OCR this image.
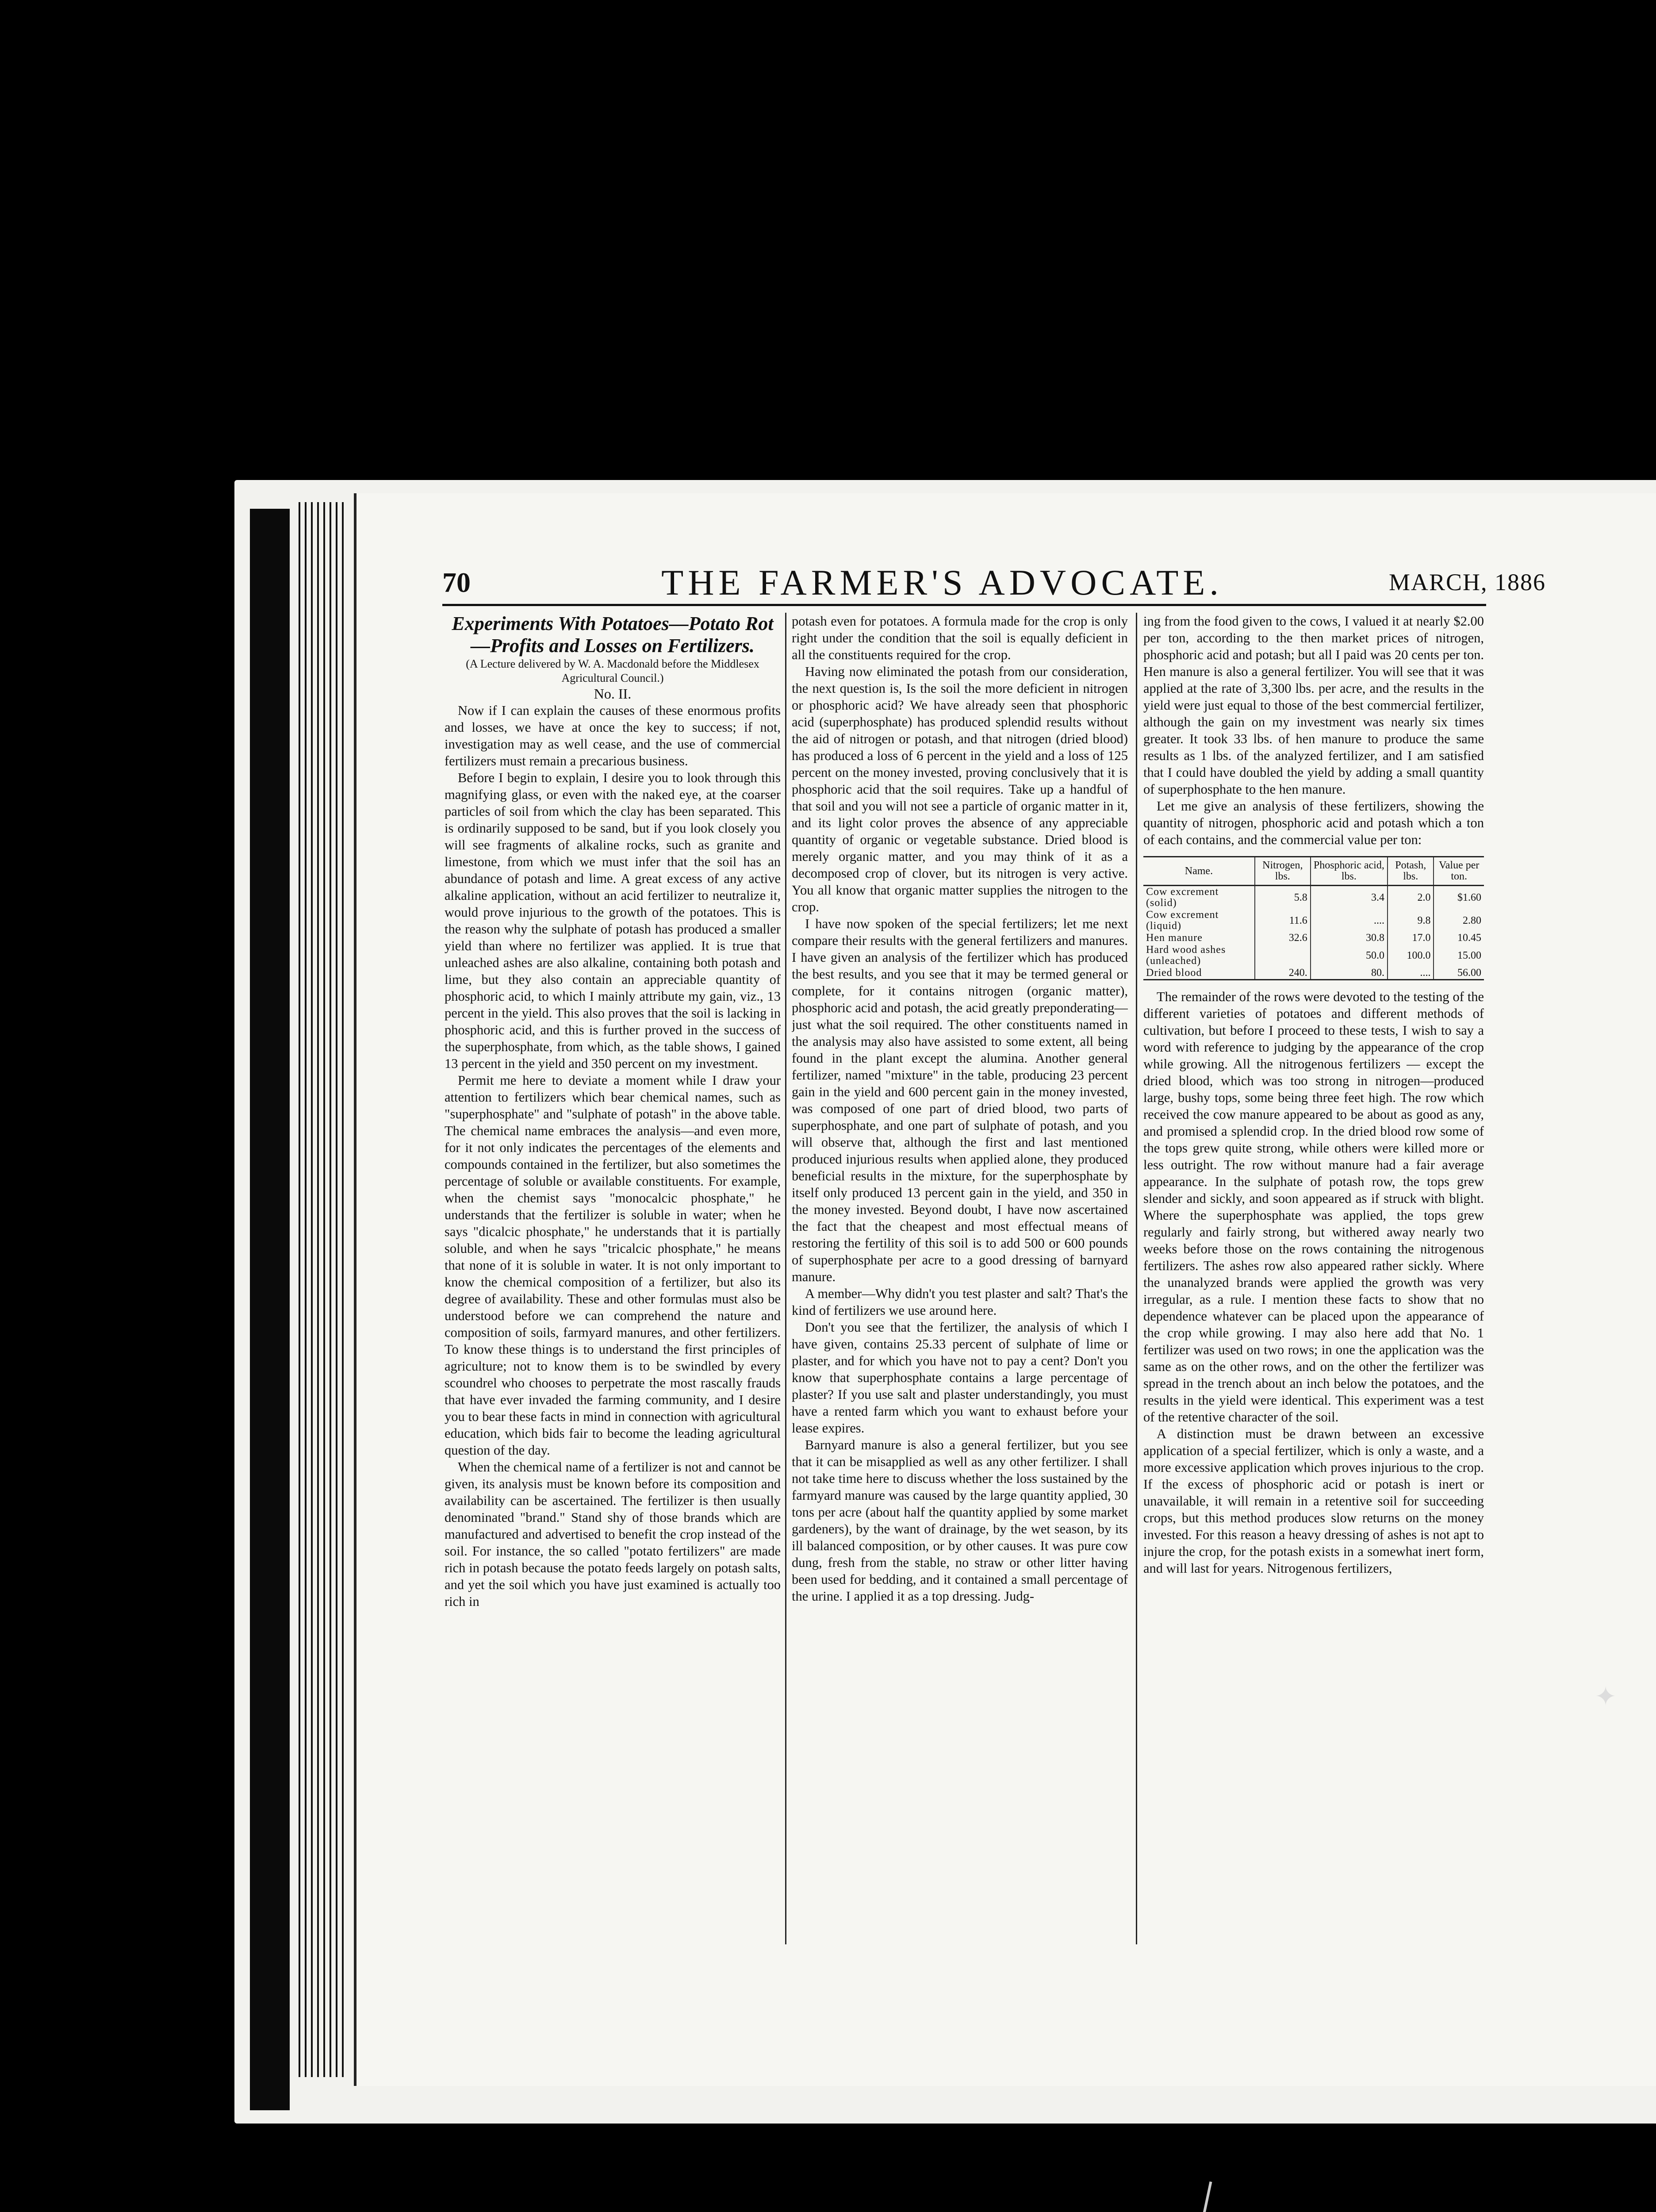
70	THE FARMER'S ADVOCATE.	MARCH, 1886

Experiments With Potatoes—Potato Rot—Profits and Losses on Fertilizers.

(A Lecture delivered by W. A. Macdonald before the Middlesex Agricultural Council.)

No. II.

Now if I can explain the causes of these enormous profits and losses, we have at once the key to success; if not, investigation may as well cease, and the use of commercial fertilizers must remain a precarious business.

Before I begin to explain, I desire you to look through this magnifying glass, or even with the naked eye, at the coarser particles of soil from which the clay has been separated. This is ordinarily supposed to be sand, but if you look closely you will see fragments of alkaline rocks, such as granite and limestone, from which we must infer that the soil has an abundance of potash and lime. A great excess of any active alkaline application, without an acid fertilizer to neutralize it, would prove injurious to the growth of the potatoes. This is the reason why the sulphate of potash has produced a smaller yield than where no fertilizer was applied. It is true that unleached ashes are also alkaline, containing both potash and lime, but they also contain an appreciable quantity of phosphoric acid, to which I mainly attribute my gain, viz., 13 percent in the yield. This also proves that the soil is lacking in phosphoric acid, and this is further proved in the success of the superphosphate, from which, as the table shows, I gained 13 percent in the yield and 350 percent on my investment.

Permit me here to deviate a moment while I draw your attention to fertilizers which bear chemical names, such as "superphosphate" and "sulphate of potash" in the above table. The chemical name embraces the analysis—and even more, for it not only indicates the percentages of the elements and compounds contained in the fertilizer, but also sometimes the percentage of soluble or available constituents. For example, when the chemist says "monocalcic phosphate," he understands that the fertilizer is soluble in water; when he says "dicalcic phosphate," he understands that it is partially soluble, and when he says "tricalcic phosphate," he means that none of it is soluble in water. It is not only important to know the chemical composition of a fertilizer, but also its degree of availability. These and other formulas must also be understood before we can comprehend the nature and composition of soils, farmyard manures, and other fertilizers. To know these things is to understand the first principles of agriculture; not to know them is to be swindled by every scoundrel who chooses to perpetrate the most rascally frauds that have ever invaded the farming community, and I desire you to bear these facts in mind in connection with agricultural education, which bids fair to become the leading agricultural question of the day.

When the chemical name of a fertilizer is not and cannot be given, its analysis must be known before its composition and availability can be ascertained. The fertilizer is then usually denominated "brand." Stand shy of those brands which are manufactured and advertised to benefit the crop instead of the soil. For instance, the so called "potato fertilizers" are made rich in potash because the potato feeds largely on potash salts, and yet the soil which you have just examined is actually too rich in

potash even for potatoes. A formula made for the crop is only right under the condition that the soil is equally deficient in all the constituents required for the crop.

Having now eliminated the potash from our consideration, the next question is, Is the soil the more deficient in nitrogen or phosphoric acid? We have already seen that phosphoric acid (superphosphate) has produced splendid results without the aid of nitrogen or potash, and that nitrogen (dried blood) has produced a loss of 6 percent in the yield and a loss of 125 percent on the money invested, proving conclusively that it is phosphoric acid that the soil requires. Take up a handful of that soil and you will not see a particle of organic matter in it, and its light color proves the absence of any appreciable quantity of organic or vegetable substance. Dried blood is merely organic matter, and you may think of it as a decomposed crop of clover, but its nitrogen is very active. You all know that organic matter supplies the nitrogen to the crop.

I have now spoken of the special fertilizers; let me next compare their results with the general fertilizers and manures. I have given an analysis of the fertilizer which has produced the best results, and you see that it may be termed general or complete, for it contains nitrogen (organic matter), phosphoric acid and potash, the acid greatly preponderating—just what the soil required. The other constituents named in the analysis may also have assisted to some extent, all being found in the plant except the alumina. Another general fertilizer, named "mixture" in the table, producing 23 percent gain in the yield and 600 percent gain in the money invested, was composed of one part of dried blood, two parts of superphosphate, and one part of sulphate of potash, and you will observe that, although the first and last mentioned produced injurious results when applied alone, they produced beneficial results in the mixture, for the superphosphate by itself only produced 13 percent gain in the yield, and 350 in the money invested. Beyond doubt, I have now ascertained the fact that the cheapest and most effectual means of restoring the fertility of this soil is to add 500 or 600 pounds of superphosphate per acre to a good dressing of barnyard manure.

A member—Why didn't you test plaster and salt? That's the kind of fertilizers we use around here.

Don't you see that the fertilizer, the analysis of which I have given, contains 25.33 percent of sulphate of lime or plaster, and for which you have not to pay a cent? Don't you know that superphosphate contains a large percentage of plaster? If you use salt and plaster understandingly, you must have a rented farm which you want to exhaust before your lease expires.

Barnyard manure is also a general fertilizer, but you see that it can be misapplied as well as any other fertilizer. I shall not take time here to discuss whether the loss sustained by the farmyard manure was caused by the large quantity applied, 30 tons per acre (about half the quantity applied by some market gardeners), by the want of drainage, by the wet season, by its ill balanced composition, or by other causes. It was pure cow dung, fresh from the stable, no straw or other litter having been used for bedding, and it contained a small percentage of the urine. I applied it as a top dressing. Judg-

ing from the food given to the cows, I valued it at nearly $2.00 per ton, according to the then market prices of nitrogen, phosphoric acid and potash; but all I paid was 20 cents per ton. Hen manure is also a general fertilizer. You will see that it was applied at the rate of 3,300 lbs. per acre, and the results in the yield were just equal to those of the best commercial fertilizer, although the gain on my investment was nearly six times greater. It took 33 lbs. of hen manure to produce the same results as 1 lbs. of the analyzed fertilizer, and I am satisfied that I could have doubled the yield by adding a small quantity of superphosphate to the hen manure.

Let me give an analysis of these fertilizers, showing the quantity of nitrogen, phosphoric acid and potash which a ton of each contains, and the commercial value per ton:

Name.	Nitrogen, lbs.	Phosphoric acid, lbs.	Potash, lbs.	Value per ton.
Cow excrement (solid)	5.8	3.4	2.0	$1.60
Cow excrement (liquid)	11.6	....	9.8	2.80
Hen manure	32.6	30.8	17.0	10.45
Hard wood ashes (unleached)		50.0	100.0	15.00
Dried blood	240.	80.	....	56.00

The remainder of the rows were devoted to the testing of the different varieties of potatoes and different methods of cultivation, but before I proceed to these tests, I wish to say a word with reference to judging by the appearance of the crop while growing. All the nitrogenous fertilizers — except the dried blood, which was too strong in nitrogen—produced large, bushy tops, some being three feet high. The row which received the cow manure appeared to be about as good as any, and promised a splendid crop. In the dried blood row some of the tops grew quite strong, while others were killed more or less outright. The row without manure had a fair average appearance. In the sulphate of potash row, the tops grew slender and sickly, and soon appeared as if struck with blight. Where the superphosphate was applied, the tops grew regularly and fairly strong, but withered away nearly two weeks before those on the rows containing the nitrogenous fertilizers. The ashes row also appeared rather sickly. Where the unanalyzed brands were applied the growth was very irregular, as a rule. I mention these facts to show that no dependence whatever can be placed upon the appearance of the crop while growing. I may also here add that No. 1 fertilizer was used on two rows; in one the application was the same as on the other rows, and on the other the fertilizer was spread in the trench about an inch below the potatoes, and the results in the yield were identical. This experiment was a test of the retentive character of the soil.

A distinction must be drawn between an excessive application of a special fertilizer, which is only a waste, and a more excessive application which proves injurious to the crop. If the excess of phosphoric acid or potash is inert or unavailable, it will remain in a retentive soil for succeeding crops, but this method produces slow returns on the money invested. For this reason a heavy dressing of ashes is not apt to injure the crop, for the potash exists in a somewhat inert form, and will last for years. Nitrogenous fertilizers,

✦
